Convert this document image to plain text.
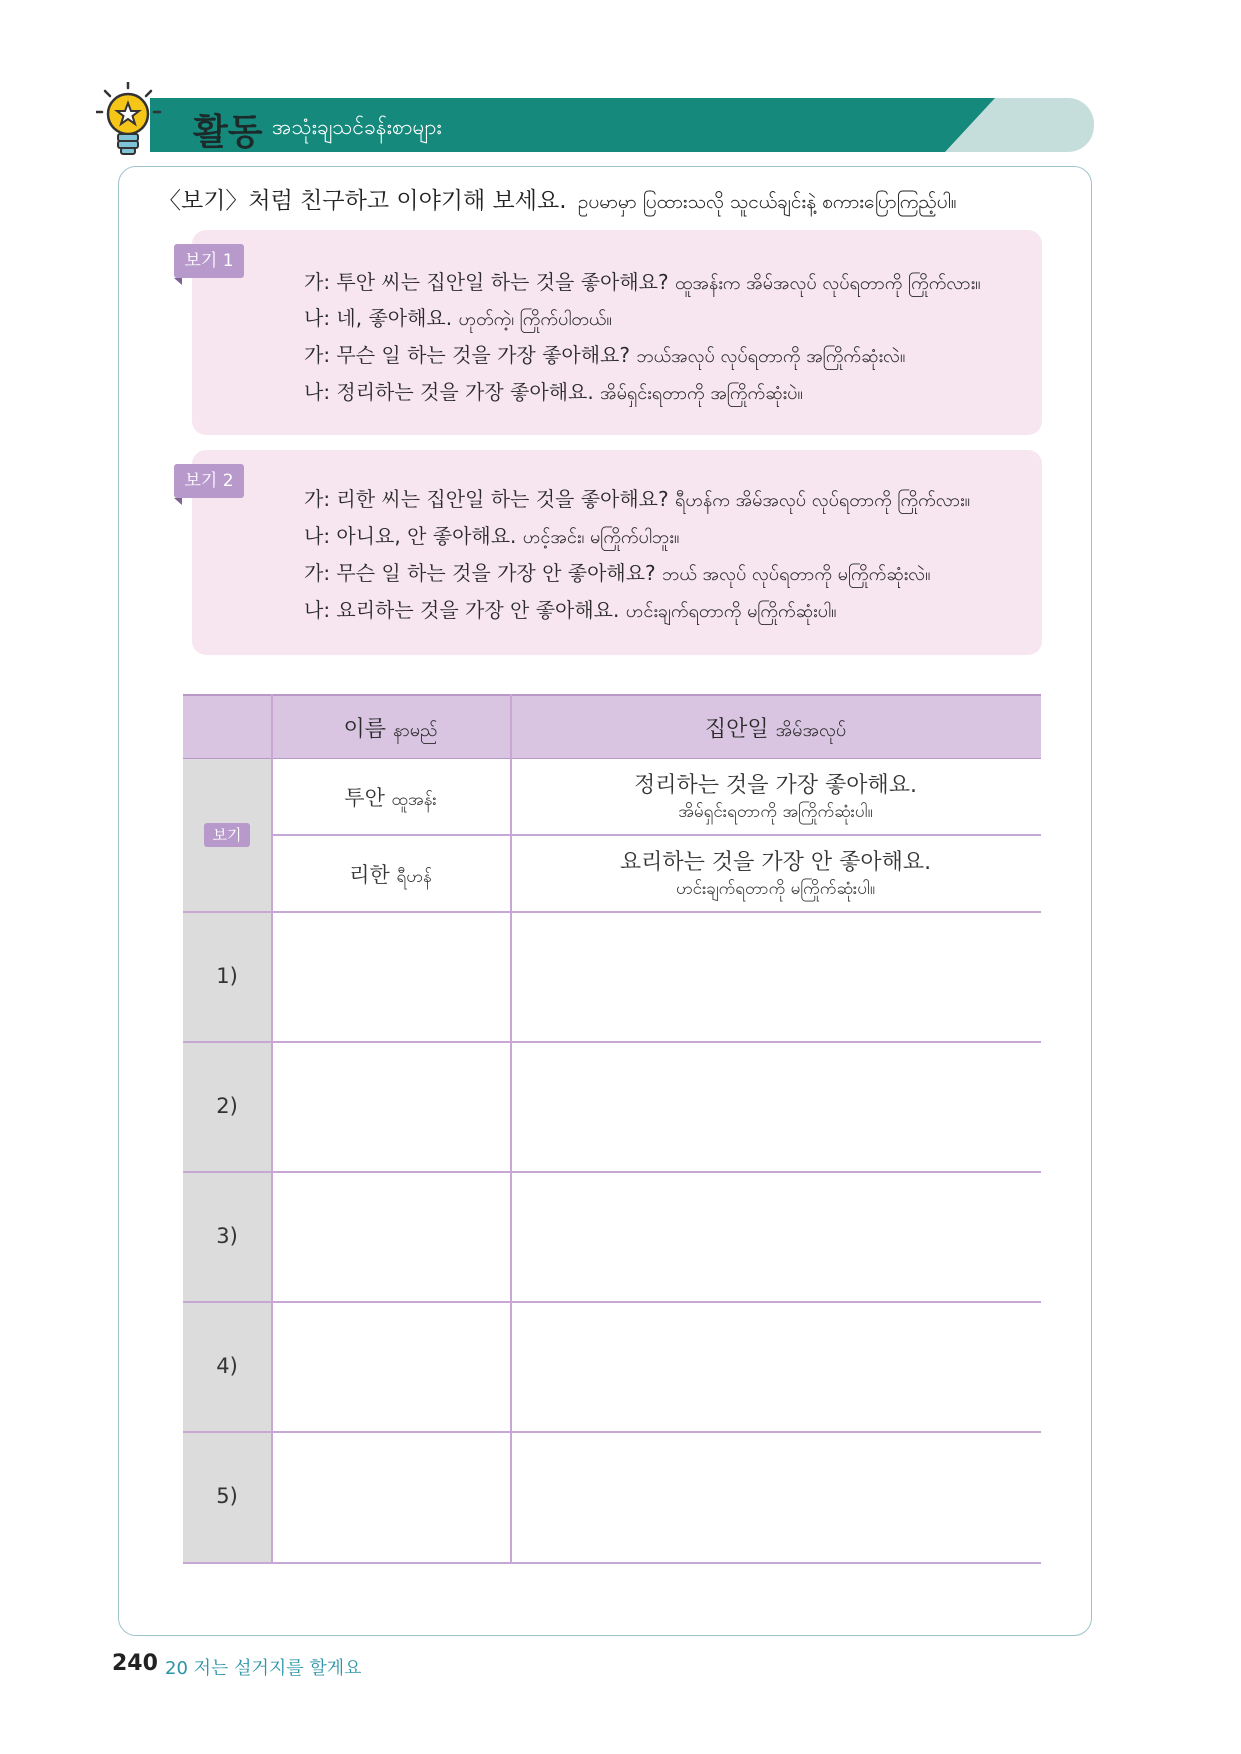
활동 အသုံးချသင်ခန်းစာများ
〈보기〉처럼 친구하고 이야기해 보세요. ဥပမာမှာ ပြထားသလို သူငယ်ချင်းနဲ့ စကားပြောကြည့်ပါ။
보기 1
가: 투안 씨는 집안일 하는 것을 좋아해요? ထူအန်းက အိမ်အလုပ် လုပ်ရတာကို ကြိုက်လား။
나: 네, 좋아해요. ဟုတ်ကဲ့၊ ကြိုက်ပါတယ်။
가: 무슨 일 하는 것을 가장 좋아해요? ဘယ်အလုပ် လုပ်ရတာကို အကြိုက်ဆုံးလဲ။
나: 정리하는 것을 가장 좋아해요. အိမ်ရှင်းရတာကို အကြိုက်ဆုံးပဲ။
보기 2
가: 리한 씨는 집안일 하는 것을 좋아해요? ရီဟန်က အိမ်အလုပ် လုပ်ရတာကို ကြိုက်လား။
나: 아니요, 안 좋아해요. ဟင့်အင်း၊ မကြိုက်ပါဘူး။
가: 무슨 일 하는 것을 가장 안 좋아해요? ဘယ် အလုပ် လုပ်ရတာကို မကြိုက်ဆုံးလဲ။
나: 요리하는 것을 가장 안 좋아해요. ဟင်းချက်ရတာကို မကြိုက်ဆုံးပါ။
이름 နာမည်	집안일 အိမ်အလုပ်
보기
투안 ထူအန်း
정리하는 것을 가장 좋아해요.
အိမ်ရှင်းရတာကို အကြိုက်ဆုံးပါ။
리한 ရီဟန်
요리하는 것을 가장 안 좋아해요.
ဟင်းချက်ရတာကို မကြိုက်ဆုံးပါ။
1)
2)
3)
4)
5)
240 20 저는 설거지를 할게요
